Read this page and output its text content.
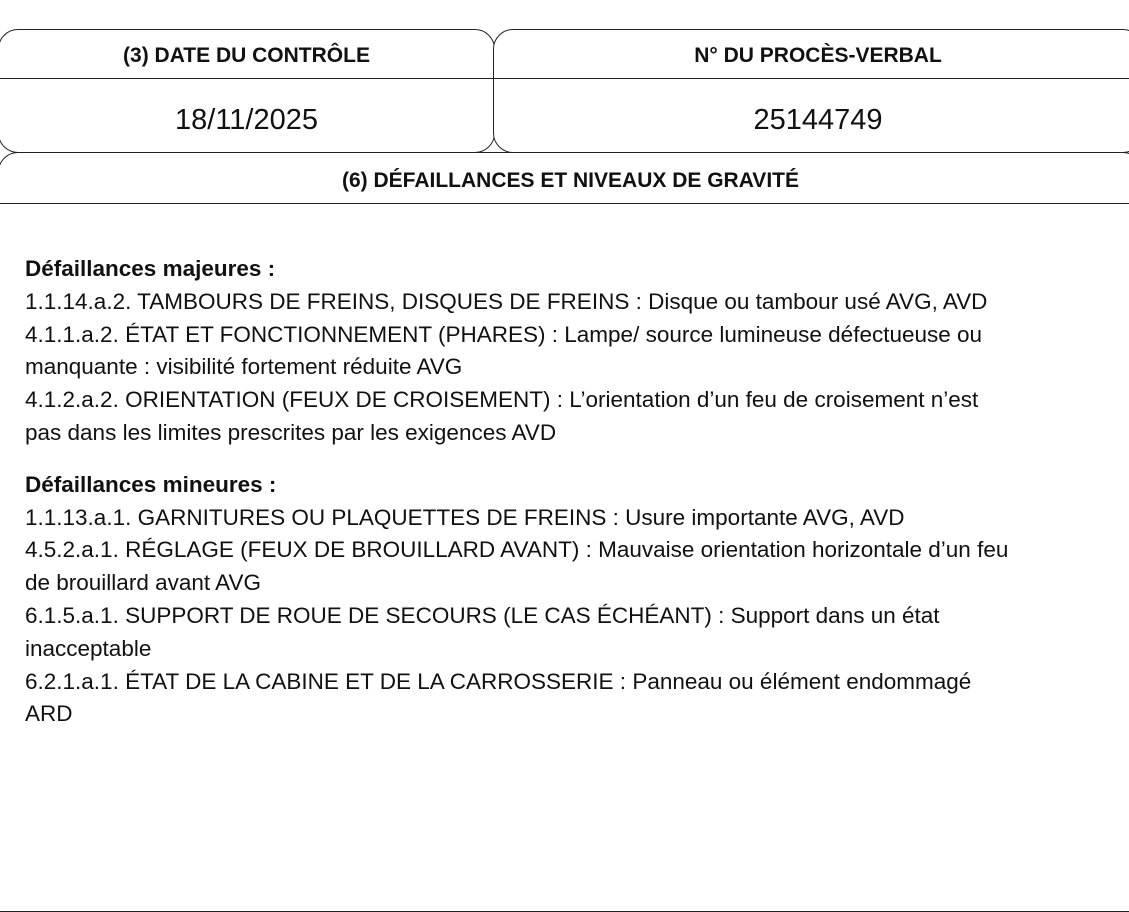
(3) DATE DU CONTRÔLE
18/11/2025
N° DU PROCÈS-VERBAL
25144749
(6) DÉFAILLANCES ET NIVEAUX DE GRAVITÉ

Défaillances majeures :

1.1.14.a.2. TAMBOURS DE FREINS, DISQUES DE FREINS : Disque ou tambour usé AVG, AVD

4.1.1.a.2. ÉTAT ET FONCTIONNEMENT (PHARES) : Lampe/ source lumineuse défectueuse ou manquante : visibilité fortement réduite AVG

4.1.2.a.2. ORIENTATION (FEUX DE CROISEMENT) : L’orientation d’un feu de croisement n’est pas dans les limites prescrites par les exigences AVD

Défaillances mineures :

1.1.13.a.1. GARNITURES OU PLAQUETTES DE FREINS : Usure importante AVG, AVD

4.5.2.a.1. RÉGLAGE (FEUX DE BROUILLARD AVANT) : Mauvaise orientation horizontale d’un feu de brouillard avant AVG

6.1.5.a.1. SUPPORT DE ROUE DE SECOURS (LE CAS ÉCHÉANT) : Support dans un état inacceptable

6.2.1.a.1. ÉTAT DE LA CABINE ET DE LA CARROSSERIE : Panneau ou élément endommagé ARD
